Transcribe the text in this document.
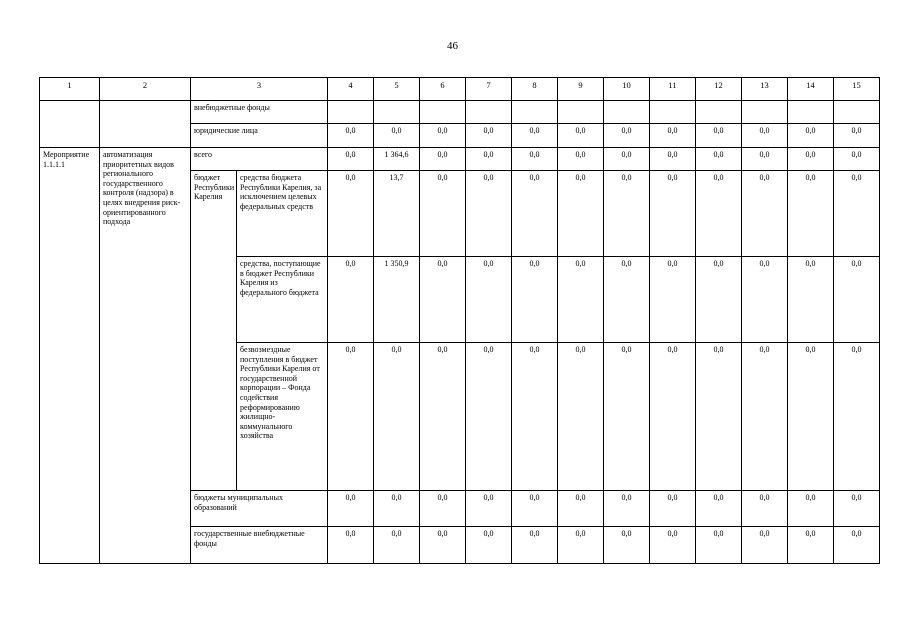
46
1	2	3		4	5	6	7	8	9	10	11	12	13	14	15
		внебюджетные фонды													
		юридические лица		0,0	0,0	0,0	0,0	0,0	0,0	0,0	0,0	0,0	0,0	0,0	0,0
Мероприятие 1.1.1.1	автоматизация приоритетных видов регионального государственного контроля (надзора) в целях внедрения риск-ориентированного подхода	всего		0,0	1 364,6	0,0	0,0	0,0	0,0	0,0	0,0	0,0	0,0	0,0	0,0
		бюджет Республики Карелия	средства бюджета Республики Карелия, за исключением целевых федеральных средств	0,0	13,7	0,0	0,0	0,0	0,0	0,0	0,0	0,0	0,0	0,0	0,0
			средства, поступающие в бюджет Республики Карелия из федерального бюджета	0,0	1 350,9	0,0	0,0	0,0	0,0	0,0	0,0	0,0	0,0	0,0	0,0
			безвозмездные поступления в бюджет Республики Карелия от государственной корпорации – Фонда содействия реформированию жилищно-коммунального хозяйства	0,0	0,0	0,0	0,0	0,0	0,0	0,0	0,0	0,0	0,0	0,0	0,0
		бюджеты муниципальных образований		0,0	0,0	0,0	0,0	0,0	0,0	0,0	0,0	0,0	0,0	0,0	0,0
		государственные внебюджетные фонды		0,0	0,0	0,0	0,0	0,0	0,0	0,0	0,0	0,0	0,0	0,0	0,0
